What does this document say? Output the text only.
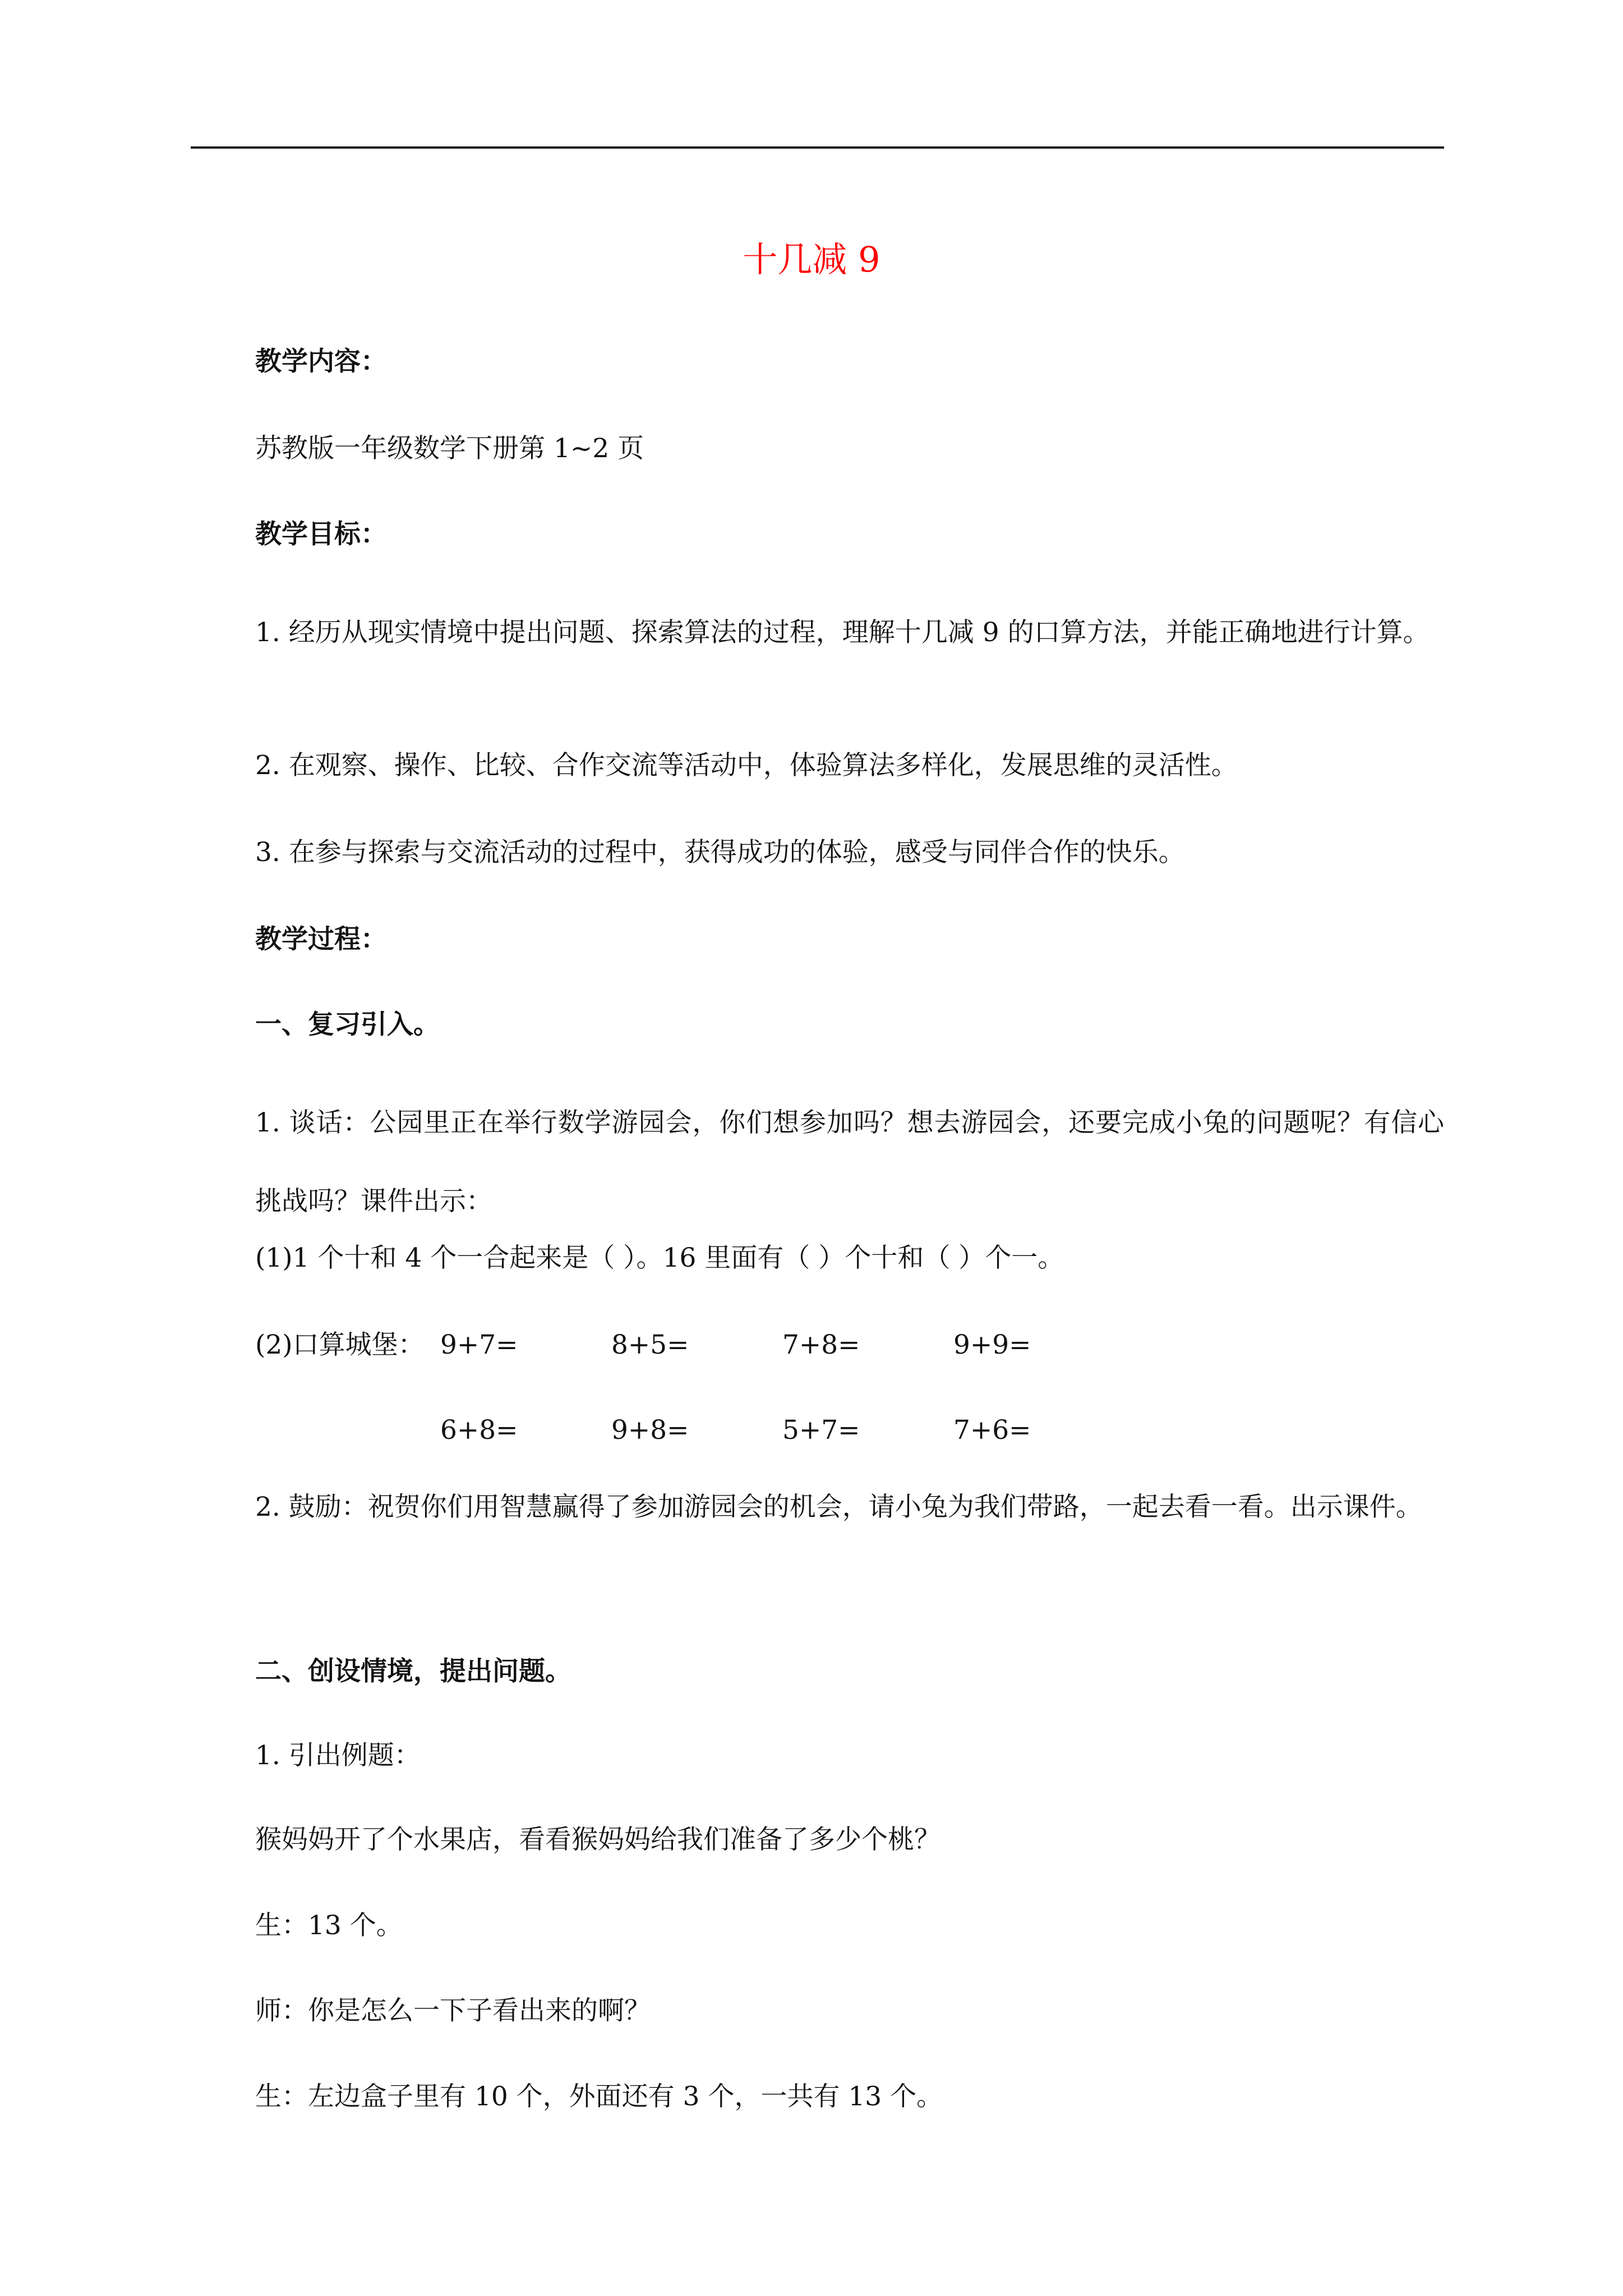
十几减 9
教学内容：
苏教版一年级数学下册第 1~2 页
教学目标：
1. 经历从现实情境中提出问题、探索算法的过程，理解十几减 9 的口算方法，并能正确地进行计算。
2. 在观察、操作、比较、合作交流等活动中，体验算法多样化，发展思维的灵活性。
3. 在参与探索与交流活动的过程中，获得成功的体验，感受与同伴合作的快乐。
教学过程：
一、复习引入。
1. 谈话：公园里正在举行数学游园会，你们想参加吗？想去游园会，还要完成小兔的问题呢？有信心挑战吗？课件出示：
(1)1 个十和 4 个一合起来是（ ）。16 里面有（ ）个十和（ ）个一。
(2)口算城堡： 9+7=	8+5=	7+8=	9+9=
6+8=	9+8=	5+7=	7+6=
2. 鼓励：祝贺你们用智慧赢得了参加游园会的机会，请小兔为我们带路，一起去看一看。出示课件。
二、创设情境，提出问题。
1. 引出例题：
猴妈妈开了个水果店，看看猴妈妈给我们准备了多少个桃？
生：13 个。
师：你是怎么一下子看出来的啊？
生：左边盒子里有 10 个，外面还有 3 个，一共有 13 个。
